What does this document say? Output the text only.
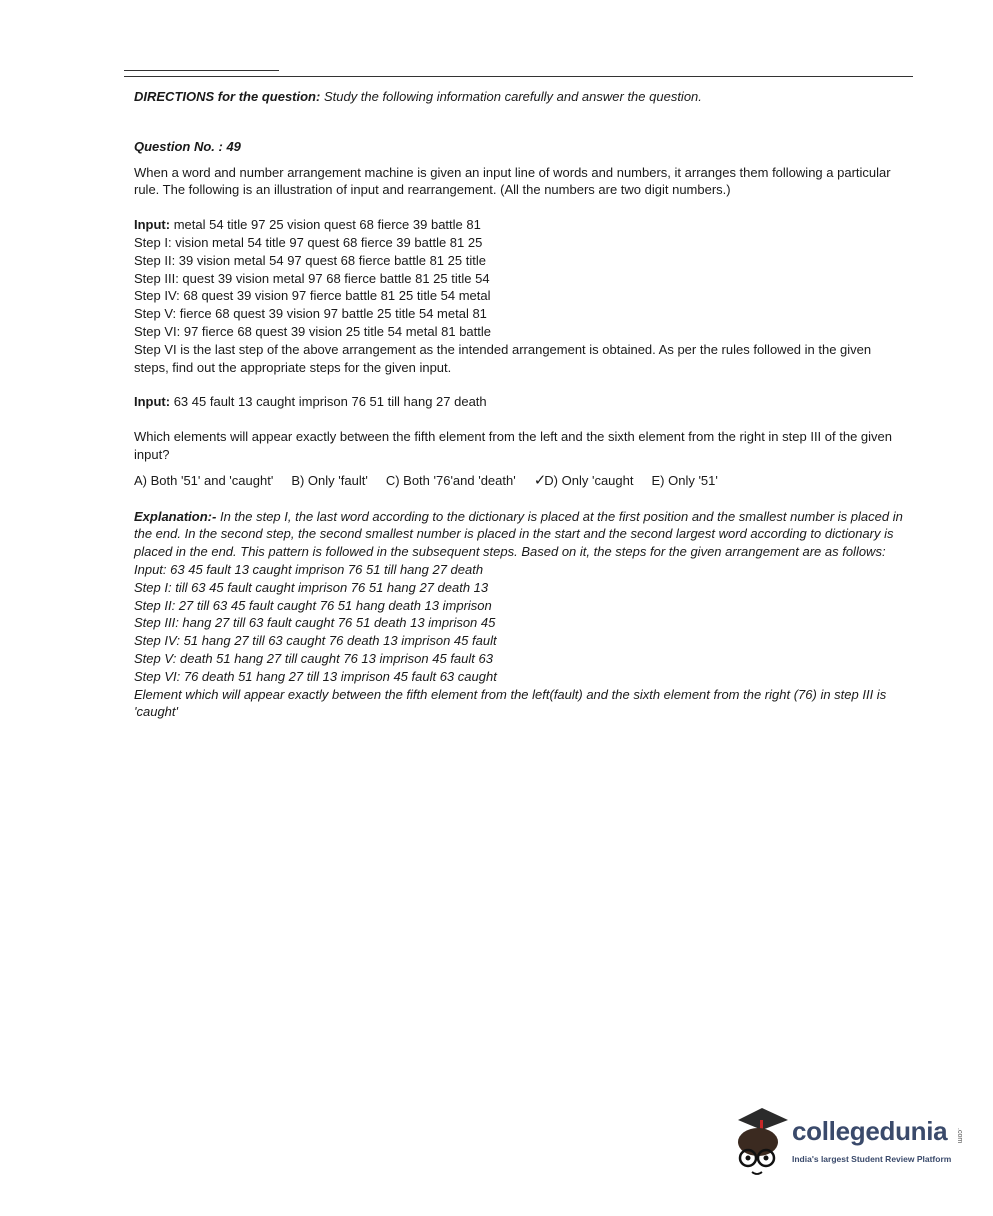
DIRECTIONS for the question: Study the following information carefully and answer the question.

Question No. : 49

When a word and number arrangement machine is given an input line of words and numbers, it arranges them following a particular rule. The following is an illustration of input and rearrangement. (All the numbers are two digit numbers.)

Input: metal 54 title 97 25 vision quest 68 fierce 39 battle 81
Step I: vision metal 54 title 97 quest 68 fierce 39 battle 81 25
Step II: 39 vision metal 54 97 quest 68 fierce battle 81 25 title
Step III: quest 39 vision metal 97 68 fierce battle 81 25 title 54
Step IV: 68 quest 39 vision 97 fierce battle 81 25 title 54 metal
Step V: fierce 68 quest 39 vision 97 battle 25 title 54 metal 81
Step VI: 97 fierce 68 quest 39 vision 25 title 54 metal 81 battle
Step VI is the last step of the above arrangement as the intended arrangement is obtained. As per the rules followed in the given steps, find out the appropriate steps for the given input.
Input: 63 45 fault 13 caught imprison 76 51 till hang 27 death

Which elements will appear exactly between the fifth element from the left and the sixth element from the right in step III of the given input?

A) Both '51' and 'caught' B) Only 'fault' C) Both '76'and 'death' ✓D) Only 'caught E) Only '51'
Explanation:- In the step I, the last word according to the dictionary is placed at the first position and the smallest number is placed in the end. In the second step, the second smallest number is placed in the start and the second largest word according to dictionary is placed in the end. This pattern is followed in the subsequent steps. Based on it, the steps for the given arrangement are as follows:
Input: 63 45 fault 13 caught imprison 76 51 till hang 27 death
Step I: till 63 45 fault caught imprison 76 51 hang 27 death 13
Step II: 27 till 63 45 fault caught 76 51 hang death 13 imprison
Step III: hang 27 till 63 fault caught 76 51 death 13 imprison 45
Step IV: 51 hang 27 till 63 caught 76 death 13 imprison 45 fault
Step V: death 51 hang 27 till caught 76 13 imprison 45 fault 63
Step VI: 76 death 51 hang 27 till 13 imprison 45 fault 63 caught
Element which will appear exactly between the fifth element from the left(fault) and the sixth element from the right (76) in step III is 'caught'
collegedunia .com
India's largest Student Review Platform
